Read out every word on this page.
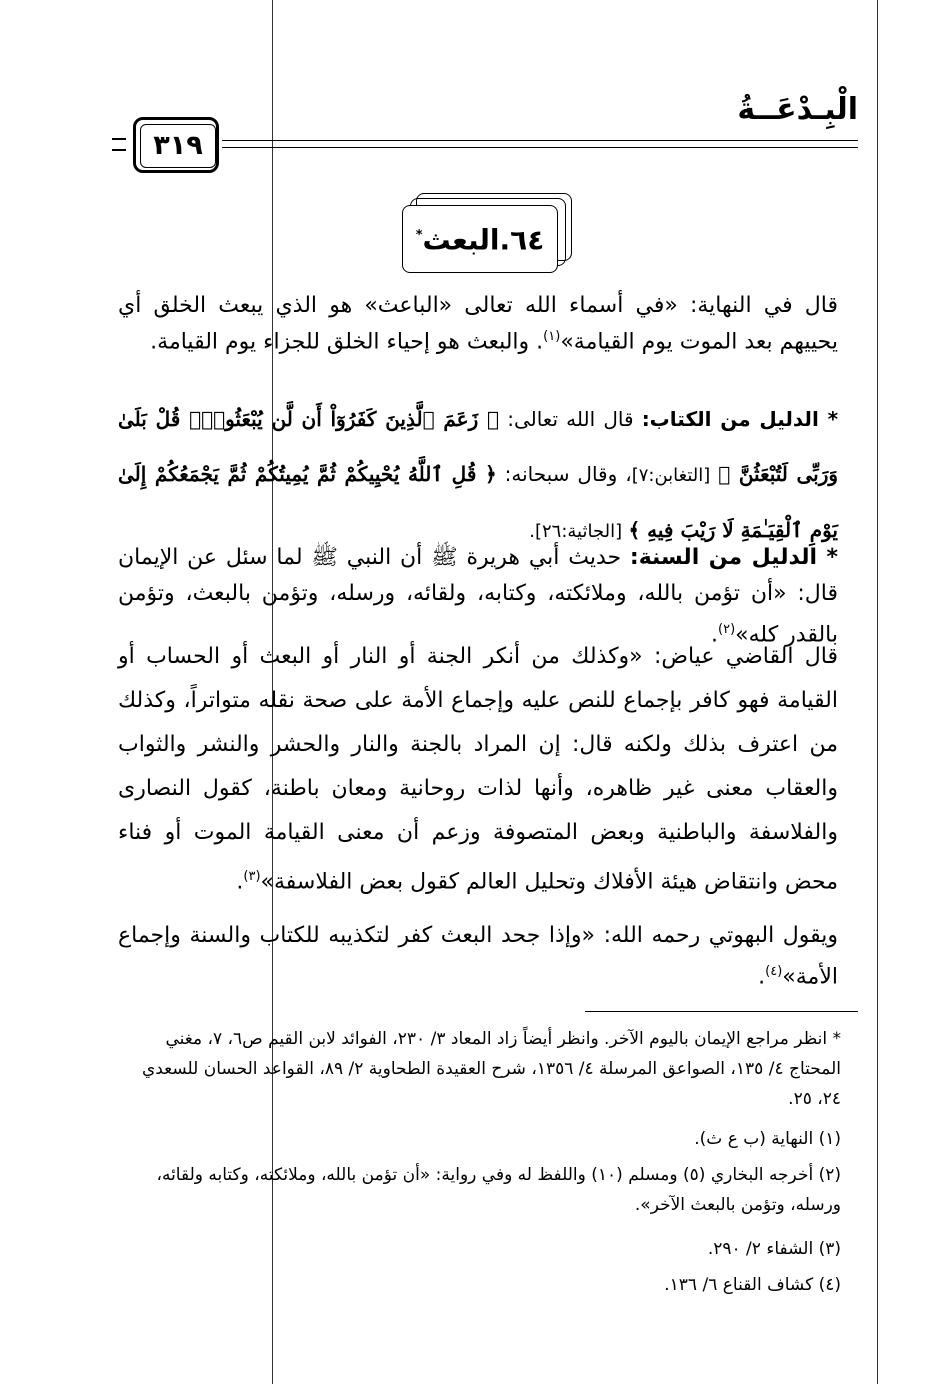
الْبِـدْعَــةُ
٣١٩
٦٤.البعث*

قال في النهاية: «في أسماء الله تعالى «الباعث» هو الذي يبعث الخلق أي يحييهم بعد الموت يوم القيامة»$^{(١)}$. والبعث هو إحياء الخلق للجزاء يوم القيامة.

* الدليل من الكتاب: قال الله تعالى: ﴿ زَعَمَ ٱلَّذِينَ كَفَرُوٓاْ أَن لَّن يُبْعَثُواْۚ قُلْ بَلَىٰ وَرَبِّى لَتُبْعَثُنَّ ﴾ [التغابن:٧]، وقال سبحانه: ﴿ قُلِ ٱللَّهُ يُحْيِيكُمْ ثُمَّ يُمِيتُكُمْ ثُمَّ يَجْمَعُكُمْ إِلَىٰ يَوْمِ ٱلْقِيَـٰمَةِ لَا رَيْبَ فِيهِ ﴾ [الجاثية:٢٦].

* الدليل من السنة: حديث أبي هريرة ﷺ أن النبي ﷺ لما سئل عن الإيمان قال: «أن تؤمن بالله، وملائكته، وكتابه، ولقائه، ورسله، وتؤمن بالبعث، وتؤمن بالقدر كله»$^{(٢)}$.

قال القاضي عياض: «وكذلك من أنكر الجنة أو النار أو البعث أو الحساب أو القيامة فهو كافر بإجماع للنص عليه وإجماع الأمة على صحة نقله متواتراً، وكذلك من اعترف بذلك ولكنه قال: إن المراد بالجنة والنار والحشر والنشر والثواب والعقاب معنى غير ظاهره، وأنها لذات روحانية ومعان باطنة، كقول النصارى والفلاسفة والباطنية وبعض المتصوفة وزعم أن معنى القيامة الموت أو فناء محض وانتقاض هيئة الأفلاك وتحليل العالم كقول بعض الفلاسفة»$^{(٣)}$.

ويقول البهوتي رحمه الله: «وإذا جحد البعث كفر لتكذيبه للكتاب والسنة وإجماع الأمة»$^{(٤)}$.

* انظر مراجع الإيمان باليوم الآخر. وانظر أيضاً زاد المعاد ٣/ ٢٣٠، الفوائد لابن القيم ص٦، ٧، مغني المحتاج ٤/ ١٣٥، الصواعق المرسلة ٤/ ١٣٥٦، شرح العقيدة الطحاوية ٢/ ٨٩، القواعد الحسان للسعدي ٢٤، ٢٥.
(١) النهاية (ب ع ث).
(٢) أخرجه البخاري (٥) ومسلم (١٠) واللفظ له وفي رواية: «أن تؤمن بالله، وملائكته، وكتابه ولقائه، ورسله، وتؤمن بالبعث الآخر».
(٣) الشفاء ٢/ ٢٩٠.
(٤) كشاف القناع ٦/ ١٣٦.
